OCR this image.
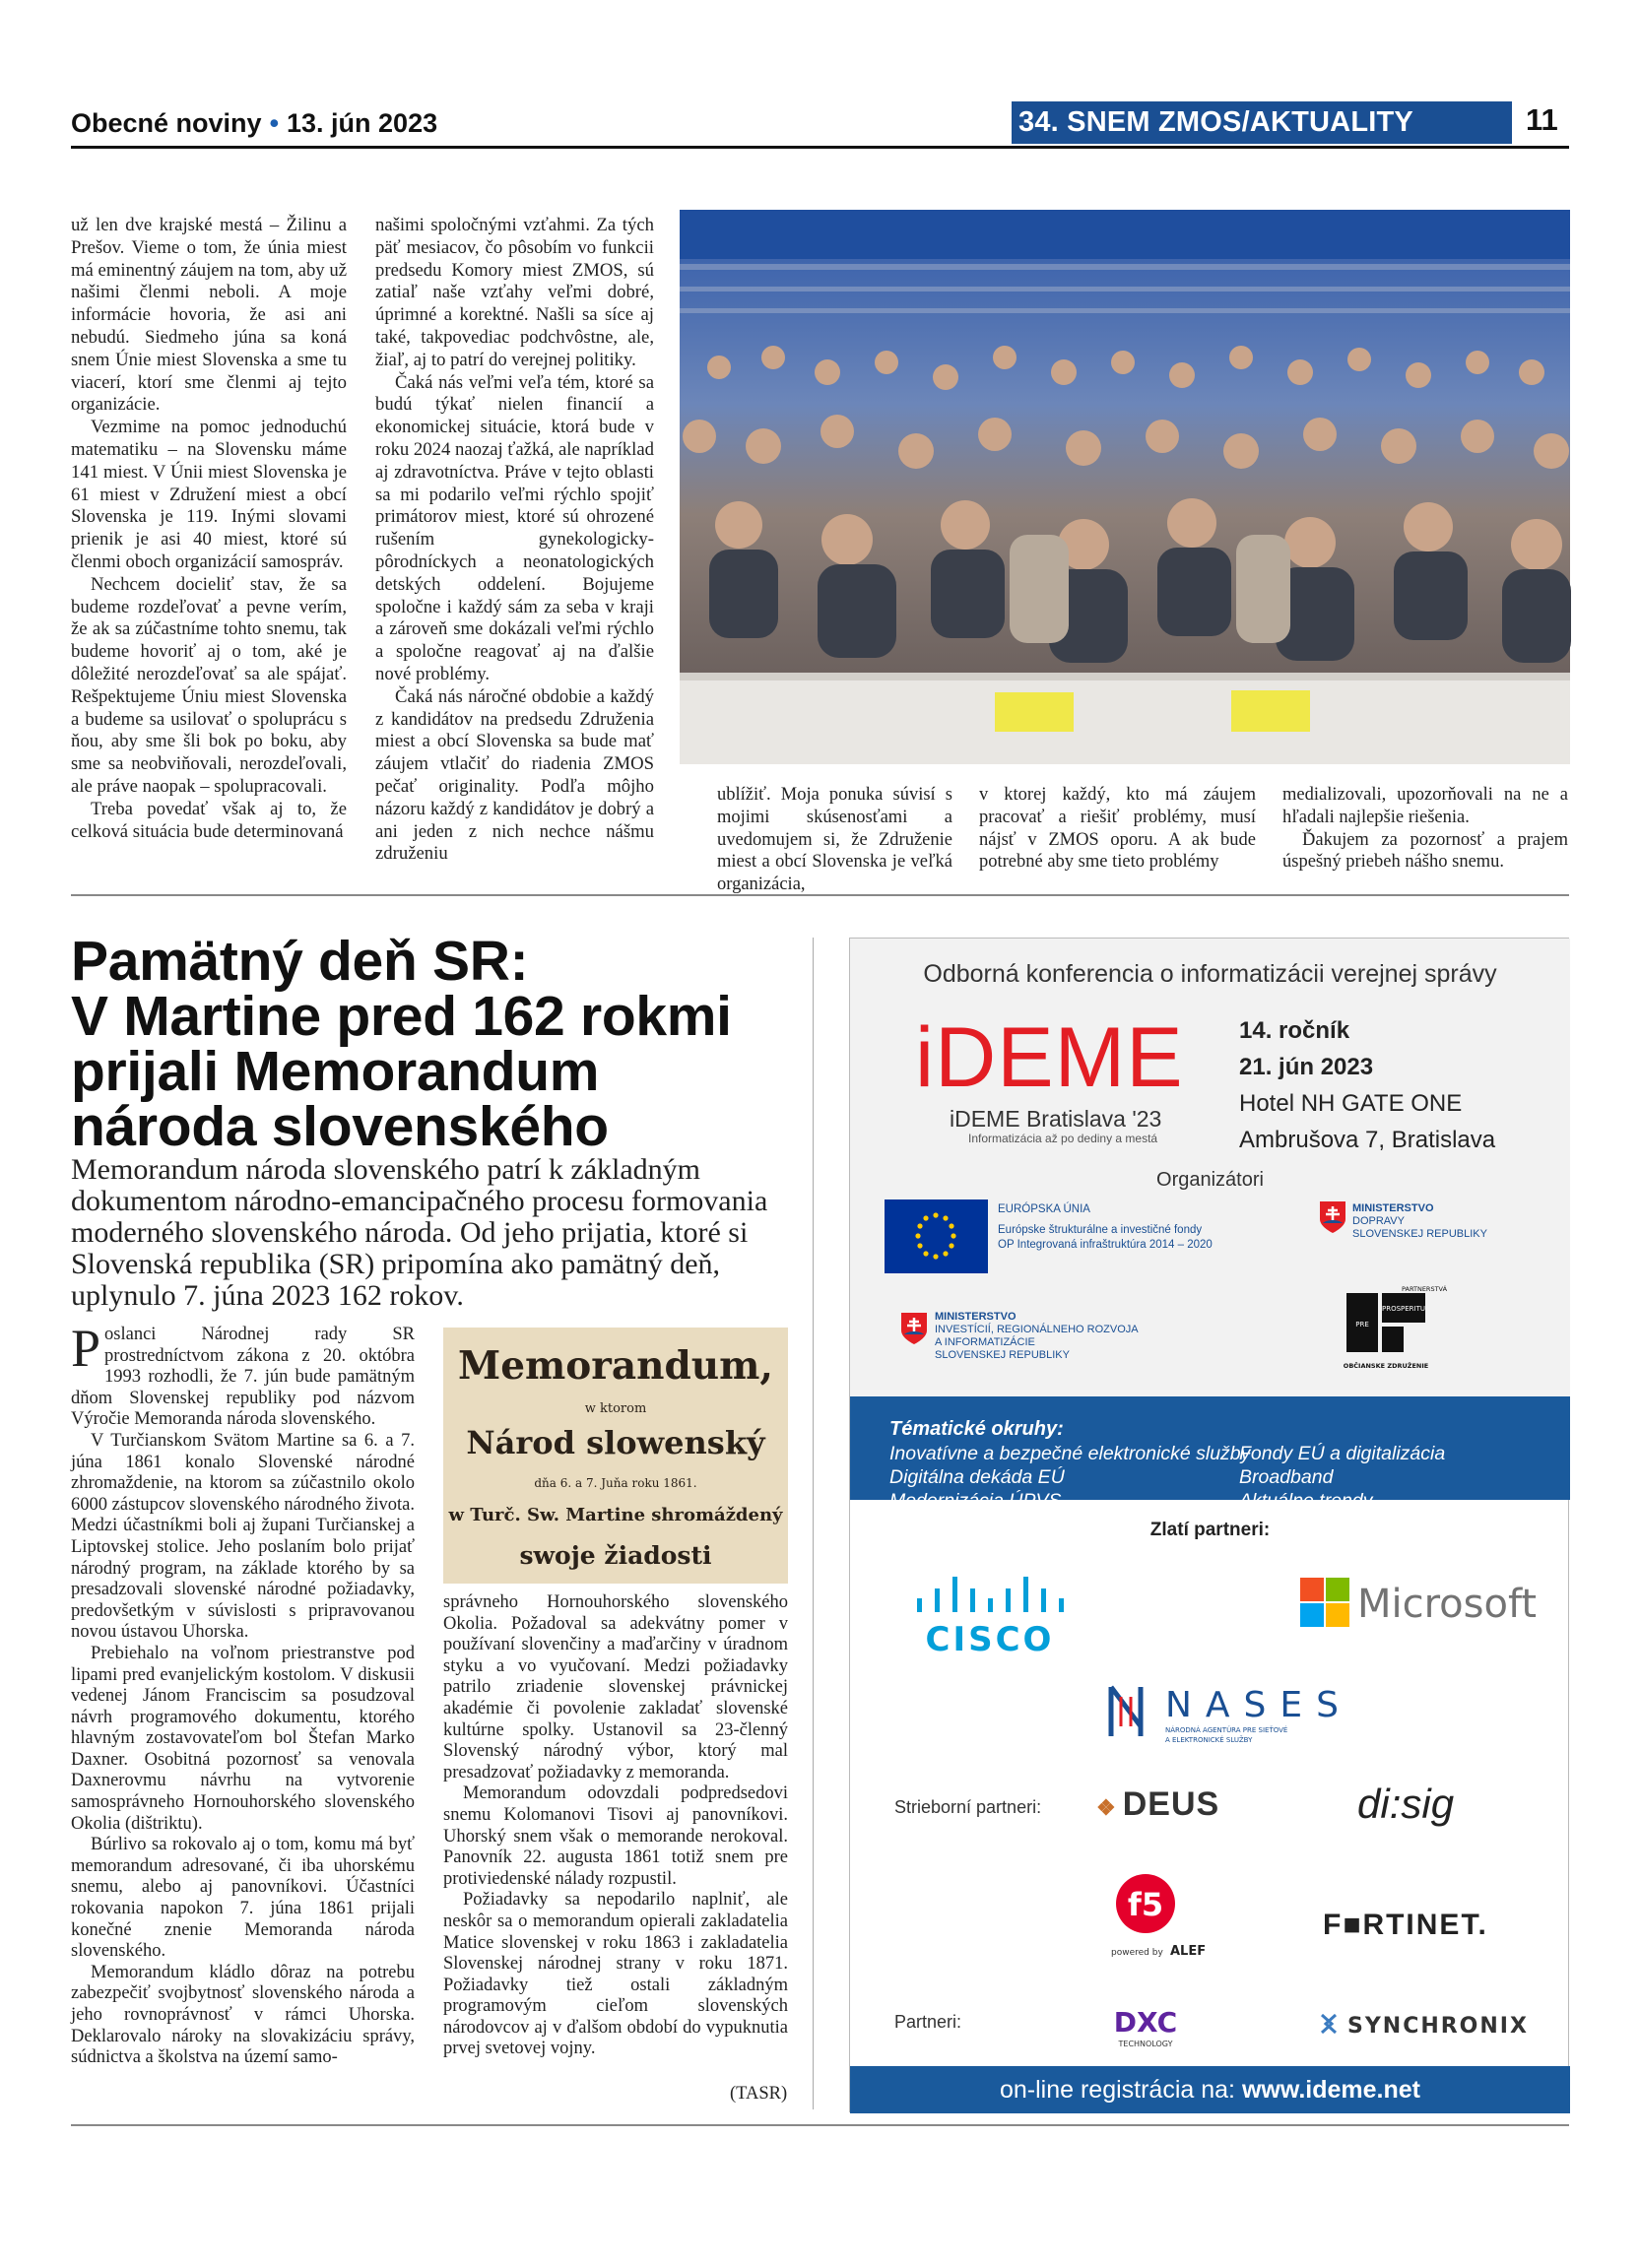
Obecné noviny • 13. jún 2023	34. SNEM ZMOS/AKTUALITY	11

už len dve krajské mestá – Žilinu a Prešov. Vieme o tom, že únia miest má eminentný záujem na tom, aby už našimi členmi neboli. A moje informácie hovoria, že asi ani nebudú. Siedmeho júna sa koná snem Únie miest Slovenska a sme tu viacerí, ktorí sme členmi aj tejto organizácie.

Vezmime na pomoc jednoduchú matematiku – na Slovensku máme 141 miest. V Únii miest Slovenska je 61 miest v Združení miest a obcí Slovenska je 119. Inými slovami prienik je asi 40 miest, ktoré sú členmi oboch organizácií samospráv.

Nechcem docieliť stav, že sa budeme rozdeľovať a pevne verím, že ak sa zúčastníme tohto snemu, tak budeme hovoriť aj o tom, aké je dôležité nerozdeľovať sa ale spájať. Rešpektujeme Úniu miest Slovenska a budeme sa usilovať o spoluprácu s ňou, aby sme šli bok po boku, aby sme sa neobviňovali, nerozdeľovali, ale práve naopak – spolupracovali.

Treba povedať však aj to, že celková situácia bude determinovaná

našimi spoločnými vzťahmi. Za tých päť mesiacov, čo pôsobím vo funkcii predsedu Komory miest ZMOS, sú zatiaľ naše vzťahy veľmi dobré, úprimné a korektné. Našli sa síce aj také, takpovediac podchvôstne, ale, žiaľ, aj to patrí do verejnej politiky.

Čaká nás veľmi veľa tém, ktoré sa budú týkať nielen financií a ekonomickej situácie, ktorá bude v roku 2024 naozaj ťažká, ale napríklad aj zdravotníctva. Práve v tejto oblasti sa mi podarilo veľmi rýchlo spojiť primátorov miest, ktoré sú ohrozené rušením gynekologicky-pôrodníckych a neonatologických detských oddelení. Bojujeme spoločne i každý sám za seba v kraji a zároveň sme dokázali veľmi rýchlo a spoločne reagovať aj na ďalšie nové problémy.

Čaká nás náročné obdobie a každý z kandidátov na predsedu Združenia miest a obcí Slovenska sa bude mať záujem vtlačiť do riadenia ZMOS pečať originality. Podľa môjho názoru každý z kandidátov je dobrý a ani jeden z nich nechce nášmu združeniu

ublížiť. Moja ponuka súvisí s mojimi skúsenosťami a uvedomujem si, že Združenie miest a obcí Slovenska je veľká organizácia,
v ktorej každý, kto má záujem pracovať a riešiť problémy, musí nájsť v ZMOS oporu. A ak bude potrebné aby sme tieto problémy

medializovali, upozorňovali na ne a hľadali najlepšie riešenia.

Ďakujem za pozornosť a prajem úspešný priebeh nášho snemu.

Pamätný deň SR:
V Martine pred 162 rokmi
prijali Memorandum
národa slovenského
Memorandum národa slovenského patrí k základným dokumentom národno-emancipačného procesu formovania moderného slovenského národa. Od jeho prijatia, ktoré si Slovenská republika (SR) pripomína ako pamätný deň, uplynulo 7. júna 2023 162 rokov.

Poslanci Národnej rady SR prostredníctvom zákona z 20. októbra 1993 rozhodli, že 7. jún bude pamätným dňom Slovenskej republiky pod názvom Výročie Memoranda národa slovenského.

V Turčianskom Svätom Martine sa 6. a 7. júna 1861 konalo Slovenské národné zhromaždenie, na ktorom sa zúčastnilo okolo 6000 zástupcov slovenského národného života. Medzi účastníkmi boli aj župani Turčianskej a Liptovskej stolice. Jeho poslaním bolo prijať národný program, na základe ktorého by sa presadzovali slovenské národné požiadavky, predovšetkým v súvislosti s pripravovanou novou ústavou Uhorska.

Prebiehalo na voľnom priestranstve pod lipami pred evanjelickým kostolom. V diskusii vedenej Jánom Franciscim sa posudzoval návrh programového dokumentu, ktorého hlavným zostavovateľom bol Štefan Marko Daxner. Osobitná pozornosť sa venovala Daxnerovmu návrhu na vytvorenie samosprávneho Hornouhorského slovenského Okolia (dištriktu).

Búrlivo sa rokovalo aj o tom, komu má byť memorandum adresované, či iba uhorskému snemu, alebo aj panovníkovi. Účastníci rokovania napokon 7. júna 1861 prijali konečné znenie Memoranda národa slovenského.

Memorandum kládlo dôraz na potrebu zabezpečiť svojbytnosť slovenského národa a jeho rovnoprávnosť v rámci Uhorska. Deklarovalo nároky na slovakizáciu správy, súdnictva a školstva na území samo-

Memorandum,
w ktorom
Národ slowenský
dňa 6. a 7. Juňa roku 1861.
w Turč. Sw. Martine shromáždený
swoje žiadosti

správneho Hornouhorského slovenského Okolia. Požadoval sa adekvátny pomer v používaní slovenčiny a maďarčiny v úradnom styku a vo vyučovaní. Medzi požiadavky patrilo zriadenie slovenskej právnickej akadémie či povolenie zakladať slovenské kultúrne spolky. Ustanovil sa 23-členný Slovenský národný výbor, ktorý mal presadzovať požiadavky z memoranda.

Memorandum odovzdali podpredsedovi snemu Kolomanovi Tisovi aj panovníkovi. Uhorský snem však o memorande nerokoval. Panovník 22. augusta 1861 totiž snem pre protiviedenské nálady rozpustil.

Požiadavky sa nepodarilo naplniť, ale neskôr sa o memorandum opierali zakladatelia Matice slovenskej v roku 1863 i zakladatelia Slovenskej národnej strany v roku 1871. Požiadavky tiež ostali základným programovým cieľom slovenských národovcov aj v ďalšom období do vypuknutia prvej svetovej vojny.

(TASR)
Odborná konferencia o informatizácii verejnej správy
iDEME
iDEME Bratislava '23
Informatizácia až po dediny a mestá
14. ročník
21. jún 2023
Hotel NH GATE ONE
Ambrušova 7, Bratislava
Organizátori
EURÓPSKA ÚNIA
Európske štrukturálne a investičné fondy
OP Integrovaná infraštruktúra 2014 – 2020
MINISTERSTVO
DOPRAVY
SLOVENSKEJ REPUBLIKY
MINISTERSTVO
INVESTÍCIÍ, REGIONÁLNEHO ROZVOJA
A INFORMATIZÁCIE
SLOVENSKEJ REPUBLIKY
PARTNERSTVÁ
PRE
PROSPERITU
OBČIANSKE ZDRUŽENIE
Tématické okruhy:
Inovatívne a bezpečné elektronické služby
Digitálna dekáda EÚ
Modernizácia ÚPVS
Fondy EÚ a digitalizácia
Broadband
Aktuálne trendy
Zlatí partneri:
CISCO
Microsoft
NASES
NÁRODNÁ AGENTÚRA PRE SIEŤOVÉ
A ELEKTRONICKÉ SLUŽBY
Strieborní partneri:	❖ DEUS	di:sig
f5
powered by ALEF
F■RTINET.
Partneri:	DXC
TECHNOLOGY
SYNCHRONIX
on-line registrácia na: www.ideme.net
